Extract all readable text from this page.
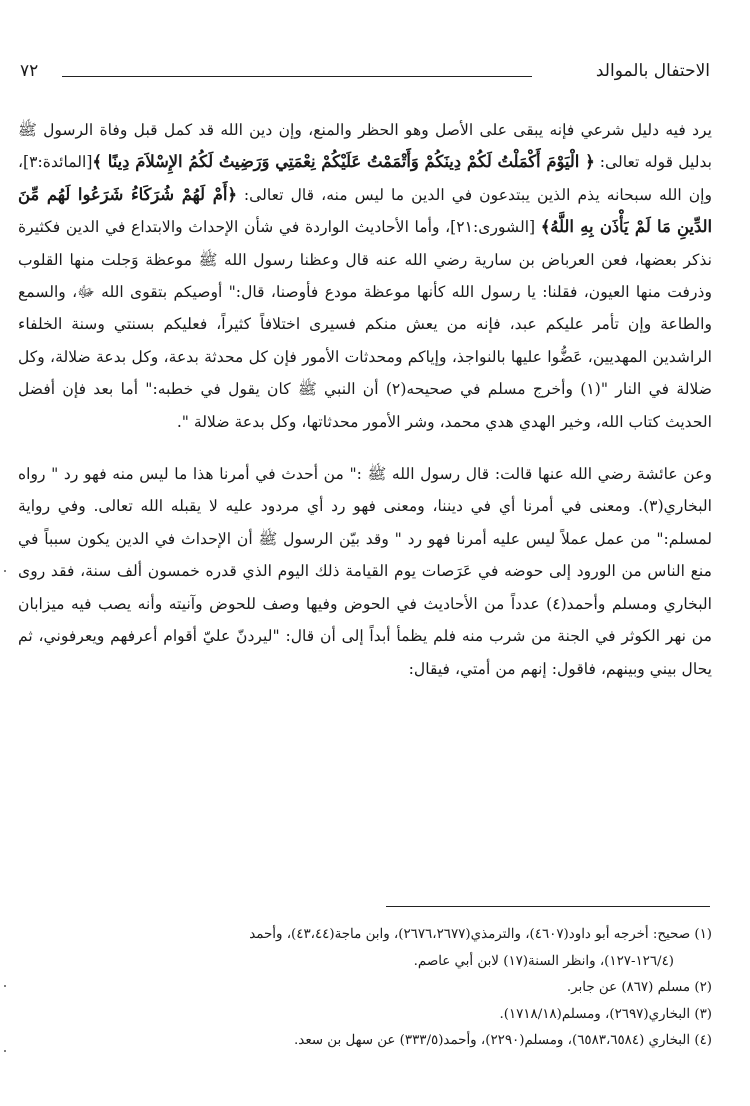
الاحتفال بالموالد
٧٢

يرد فيه دليل شرعي فإنه يبقى على الأصل وهو الحظر والمنع، وإن دين الله قد كمل قبل وفاة الرسول ﷺ بدليل قوله تعالى: ﴿ الْيَوْمَ أَكْمَلْتُ لَكُمْ دِينَكُمْ وَأَتْمَمْتُ عَلَيْكُمْ نِعْمَتِي وَرَضِيتُ لَكُمُ الإِسْلاَمَ دِينًا ﴾[المائدة:٣]، وإن الله سبحانه يذم الذين يبتدعون في الدين ما ليس منه، قال تعالى: ﴿أَمْ لَهُمْ شُرَكَاءُ شَرَعُوا لَهُم مِّنَ الدِّينِ مَا لَمْ يَأْذَن بِهِ اللَّهُ﴾ [الشورى:٢١]، وأما الأحاديث الواردة في شأن الإحداث والابتداع في الدين فكثيرة نذكر بعضها، فعن العرباض بن سارية رضي الله عنه قال وعظنا رسول الله ﷺ موعظة وَجلت منها القلوب وذرفت منها العيون، فقلنا: يا رسول الله كأنها موعظة مودع فأوصنا، قال:" أوصيكم بتقوى الله ﷻ، والسمع والطاعة وإن تأمر عليكم عبد، فإنه من يعش منكم فسيرى اختلافاً كثيراً، فعليكم بسنتي وسنة الخلفاء الراشدين المهديين، عَضُّوا عليها بالنواجذ، وإياكم ومحدثات الأمور فإن كل محدثة بدعة، وكل بدعة ضلالة، وكل ضلالة في النار "(١) وأخرج مسلم في صحيحه(٢) أن النبي ﷺ كان يقول في خطبه:" أما بعد فإن أفضل الحديث كتاب الله، وخير الهدي هدي محمد، وشر الأمور محدثاتها، وكل بدعة ضلالة ".

وعن عائشة رضي الله عنها قالت: قال رسول الله ﷺ :" من أحدث في أمرنا هذا ما ليس منه فهو رد " رواه البخاري(٣). ومعنى في أمرنا أي في ديننا، ومعنى فهو رد أي مردود عليه لا يقبله الله تعالى. وفي رواية لمسلم:" من عمل عملاً ليس عليه أمرنا فهو رد " وقد بيّن الرسول ﷺ أن الإحداث في الدين يكون سبباً في منع الناس من الورود إلى حوضه في عَرَصات يوم القيامة ذلك اليوم الذي قدره خمسون ألف سنة، فقد روى البخاري ومسلم وأحمد(٤) عدداً من الأحاديث في الحوض وفيها وصف للحوض وآنيته وأنه يصب فيه ميزابان من نهر الكوثر في الجنة من شرب منه فلم يظمأ أبداً إلى أن قال: "ليردنّ عليّ أقوام أعرفهم ويعرفوني، ثم يحال بيني وبينهم، فاقول: إنهم من أمتي، فيقال:

(١) صحيح: أخرجه أبو داود(٤٦٠٧)، والترمذي(٢٦٧٦،٢٦٧٧)، وابن ماجة(٤٣،٤٤)، وأحمد
(١٢٦/٤-١٢٧)، وانظر السنة(١٧) لابن أبي عاصم.

(٢) مسلم (٨٦٧) عن جابر.

(٣) البخاري(٢٦٩٧)، ومسلم(١٧١٨/١٨).

(٤) البخاري (٦٥٨٣،٦٥٨٤)، ومسلم(٢٢٩٠)، وأحمد(٣٣٣/٥) عن سهل بن سعد.
